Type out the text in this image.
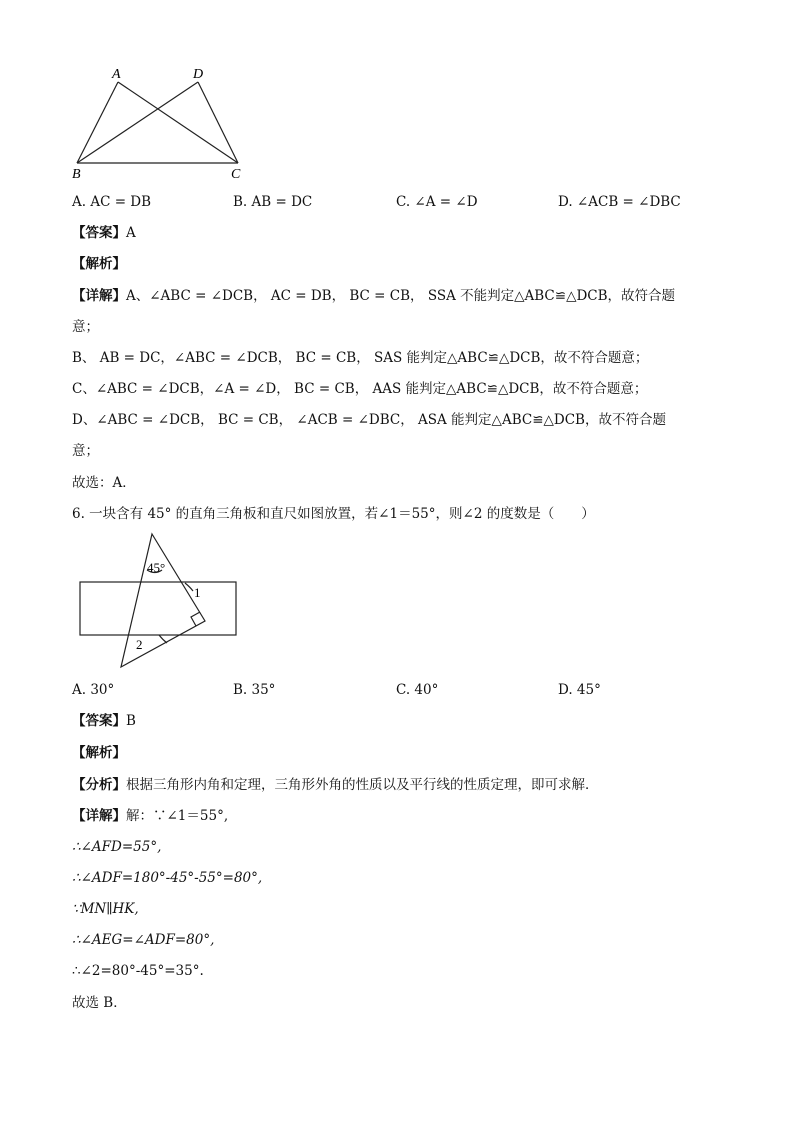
A	D
B	C
A. AC = DB	B. AB = DC	C. ∠A = ∠D	D. ∠ACB = ∠DBC
【答案】A
【解析】
【详解】A、∠ABC = ∠DCB， AC = DB， BC = CB， SSA 不能判定△ABC≌△DCB，故符合题
意；
B、 AB = DC，∠ABC = ∠DCB， BC = CB， SAS 能判定△ABC≌△DCB，故不符合题意；
C、∠ABC = ∠DCB，∠A = ∠D， BC = CB， AAS 能判定△ABC≌△DCB，故不符合题意；
D、∠ABC = ∠DCB， BC = CB， ∠ACB = ∠DBC， ASA 能判定△ABC≌△DCB，故不符合题
意；
故选：A．
6. 一块含有 45° 的直角三角板和直尺如图放置，若∠1＝55°，则∠2 的度数是（　　）
45°
1
2
A. 30°	B. 35°	C. 40°	D. 45°
【答案】B
【解析】
【分析】根据三角形内角和定理，三角形外角的性质以及平行线的性质定理，即可求解．
【详解】解：∵∠1＝55°,
∴∠AFD=55°,
∴∠ADF=180°-45°-55°=80°,
∵MN∥HK,
∴∠AEG=∠ADF=80°,
∴∠2=80°-45°=35°.
故选 B．
